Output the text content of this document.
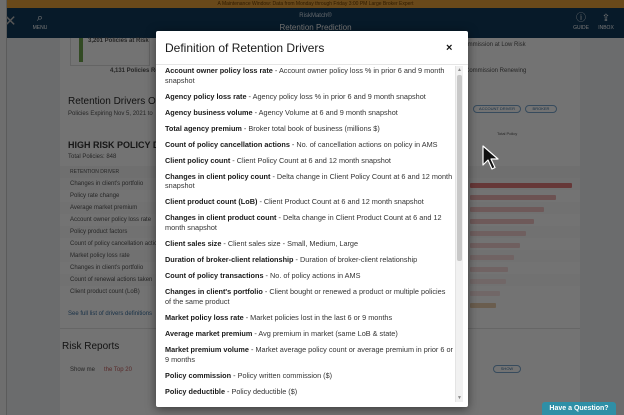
✕
Have a Question?
Definition of Retention Drivers	×
Account owner policy loss rate - Account owner policy loss % in prior 6 and 9 month snapshot
Agency policy loss rate - Agency policy loss % in prior 6 and 9 month snapshot
Agency business volume - Agency Volume at 6 and 9 month snapshot
Total agency premium - Broker total book of business (millions $)
Count of policy cancellation actions - No. of cancellation actions on policy in AMS
Client policy count - Client Policy Count at 6 and 12 month snapshot
Changes in client policy count - Delta change in Client Policy Count at 6 and 12 month snapshot
Client product count (LoB) - Client Product Count at 6 and 12 month snapshot
Changes in client product count - Delta change in Client Product Count at 6 and 12 month snapshot
Client sales size - Client sales size - Small, Medium, Large
Duration of broker-client relationship - Duration of broker-client relationship
Count of policy transactions - No. of policy actions in AMS
Changes in client's portfolio - Client bought or renewed a product or multiple policies of the same product
Market policy loss rate - Market policies lost in the last 6 or 9 months
Average market premium - Avg premium in market (same LoB & state)
Market premium volume - Market average policy count or average premium in prior 6 or 9 months
Policy commission - Policy written commission ($)
Policy deductible - Policy deductible ($)
▲
▼
